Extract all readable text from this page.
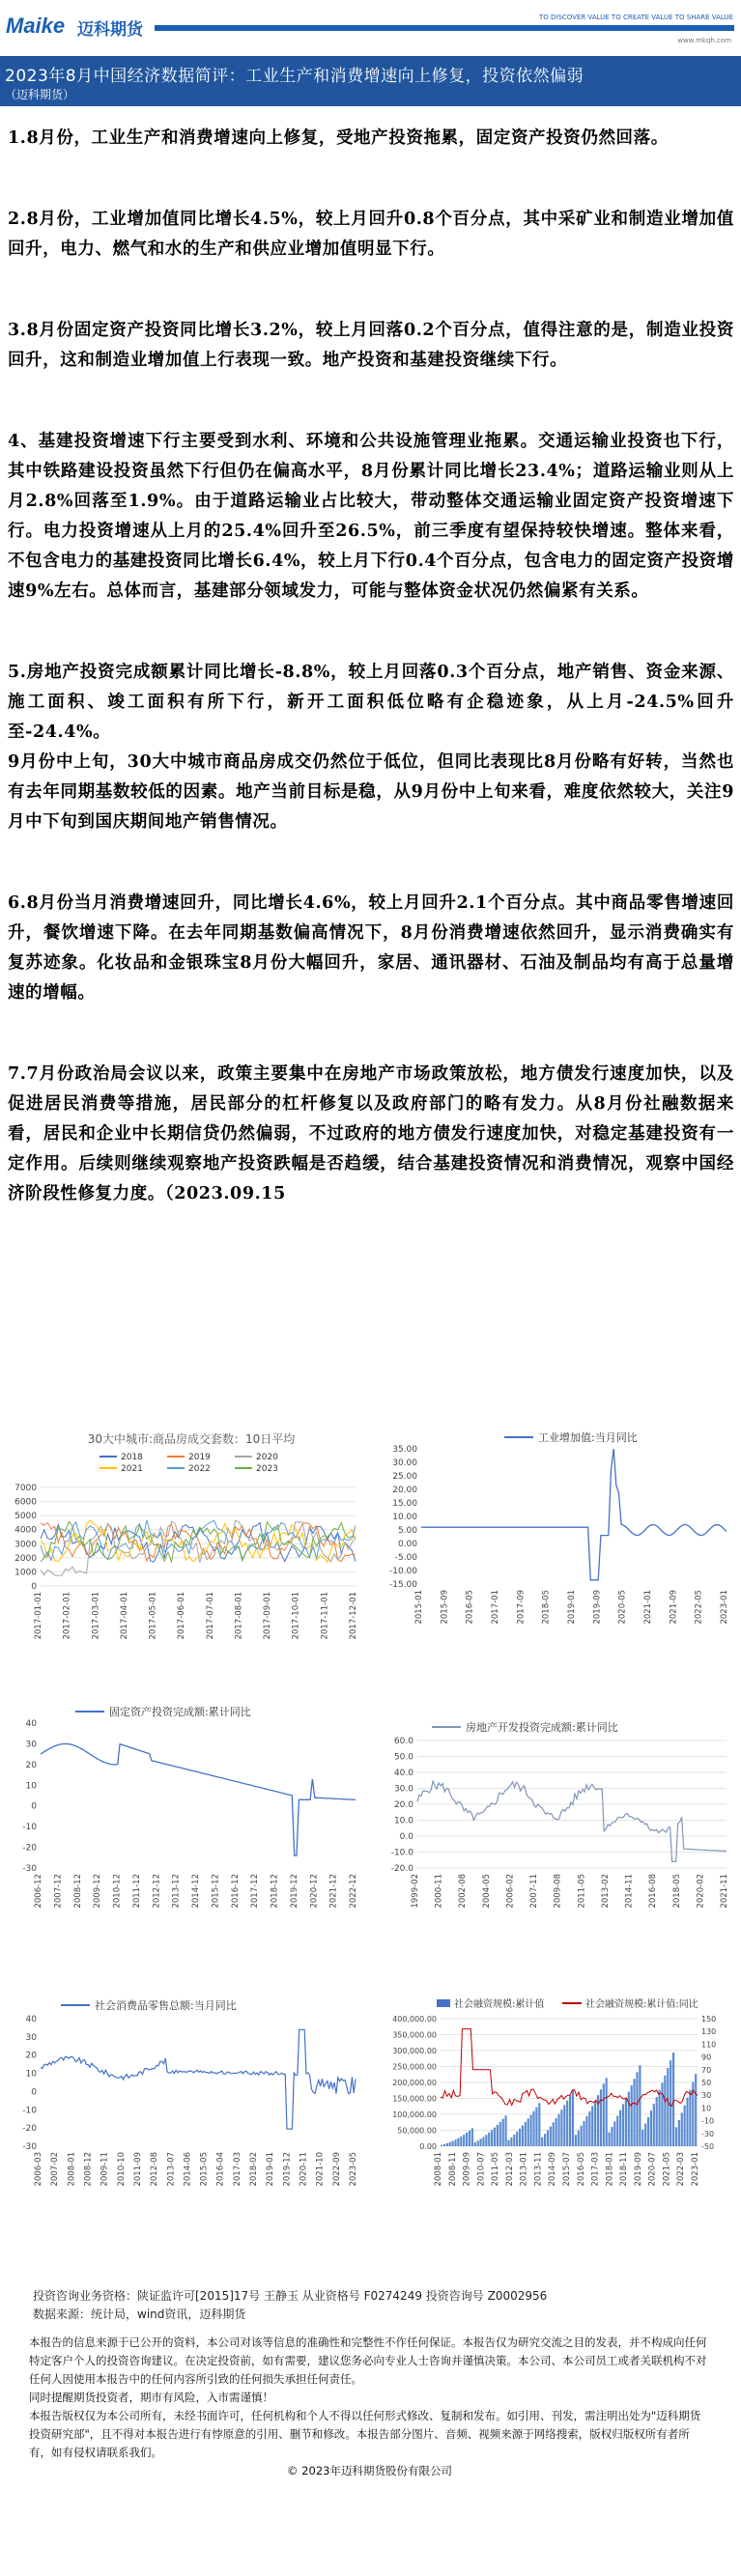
Maike 迈科期货
TO DISCOVER VALUE TO CREATE VALUE TO SHARE VALUE
www.mkqh.com
2023年8月中国经济数据简评：工业生产和消费增速向上修复，投资依然偏弱
（迈科期货）
1.8月份，工业生产和消费增速向上修复，受地产投资拖累，固定资产投资仍然回落。
2.8月份，工业增加值同比增长4.5%，较上月回升0.8个百分点，其中采矿业和制造业增加值回升，电力、燃气和水的生产和供应业增加值明显下行。
3.8月份固定资产投资同比增长3.2%，较上月回落0.2个百分点，值得注意的是，制造业投资回升，这和制造业增加值上行表现一致。地产投资和基建投资继续下行。
4、基建投资增速下行主要受到水利、环境和公共设施管理业拖累。交通运输业投资也下行，其中铁路建设投资虽然下行但仍在偏高水平，8月份累计同比增长23.4%；道路运输业则从上月2.8%回落至1.9%。由于道路运输业占比较大，带动整体交通运输业固定资产投资增速下行。电力投资增速从上月的25.4%回升至26.5%，前三季度有望保持较快增速。整体来看，不包含电力的基建投资同比增长6.4%，较上月下行0.4个百分点，包含电力的固定资产投资增速9%左右。总体而言，基建部分领域发力，可能与整体资金状况仍然偏紧有关系。
5.房地产投资完成额累计同比增长-8.8%，较上月回落0.3个百分点，地产销售、资金来源、施工面积、竣工面积有所下行，新开工面积低位略有企稳迹象，从上月-24.5%回升至-24.4%。
9月份中上旬，30大中城市商品房成交仍然位于低位，但同比表现比8月份略有好转，当然也有去年同期基数较低的因素。地产当前目标是稳，从9月份中上旬来看，难度依然较大，关注9月中下旬到国庆期间地产销售情况。
6.8月份当月消费增速回升，同比增长4.6%，较上月回升2.1个百分点。其中商品零售增速回升，餐饮增速下降。在去年同期基数偏高情况下，8月份消费增速依然回升，显示消费确实有复苏迹象。化妆品和金银珠宝8月份大幅回升，家居、通讯器材、石油及制品均有高于总量增速的增幅。
7.7月份政治局会议以来，政策主要集中在房地产市场政策放松，地方债发行速度加快，以及促进居民消费等措施，居民部分的杠杆修复以及政府部门的略有发力。从8月份社融数据来看，居民和企业中长期信贷仍然偏弱，不过政府的地方债发行速度加快，对稳定基建投资有一定作用。后续则继续观察地产投资跌幅是否趋缓，结合基建投资情况和消费情况，观察中国经济阶段性修复力度。（2023.09.15
30大中城市:商品房成交套数：10日平均
2018	2019	2020
2021	2022	2023
7000
6000
5000
4000
3000
2000
1000
0
2017-01-01 2017-02-01 2017-03-01 2017-04-01 2017-05-01 2017-06-01 2017-07-01 2017-08-01 2017-09-01 2017-10-01 2017-11-01 2017-12-01
工业增加值:当月同比
35.00
30.00
25.00
20.00
15.00
10.00
5.00
0.00
-5.00
-10.00
-15.00
2015-01 2015-09 2016-05 2017-01 2017-09 2018-05 2019-01 2019-09 2020-05 2021-01 2021-09 2022-05 2023-01
固定资产投资完成额:累计同比
40
30
20
10
0
-10
-20
-30
2006-12 2007-12 2008-12 2009-12 2010-12 2011-12 2012-12 2013-12 2014-12 2015-12 2016-12 2017-12 2018-12 2019-12 2020-12 2021-12 2022-12
房地产开发投资完成额:累计同比
60.0
50.0
40.0
30.0
20.0
10.0
0.0
-10.0
-20.0
1999-02 2000-11 2002-08 2004-05 2006-02 2007-11 2009-08 2011-05 2013-02 2014-11 2016-08 2018-05 2020-02 2021-11
社会消费品零售总额:当月同比
40
30
20
10
0
-10
-20
-30
2006-03 2007-02 2008-01 2008-12 2009-11 2010-10 2011-09 2012-08 2013-07 2014-06 2015-05 2016-04 2017-03 2018-02 2019-01 2019-12 2020-11 2021-10 2022-09 2023-05
社会融资规模:累计值	社会融资规模:累计值:同比
400,000.00
350,000.00
300,000.00
250,000.00
200,000.00
150,000.00
100,000.00
50,000.00
0.00
150
130
110
90
70
50
30
10
-10
-30
-50
2008-01 2008-11 2009-09 2010-07 2011-05 2012-03 2013-01 2013-11 2014-09 2015-07 2016-05 2017-03 2018-01 2018-11 2019-09 2020-07 2021-05 2022-03 2023-01
投资咨询业务资格：陕证监许可[2015]17号 王静玉 从业资格号 F0274249 投资咨询号 Z0002956
数据来源：统计局，wind资讯，迈科期货
本报告的信息来源于已公开的资料，本公司对该等信息的准确性和完整性不作任何保证。本报告仅为研究交流之目的发表，并不构成向任何特定客户个人的投资咨询建议。在决定投资前，如有需要，建议您务必向专业人士咨询并谨慎决策。本公司、本公司员工或者关联机构不对任何人因使用本报告中的任何内容所引致的任何损失承担任何责任。
同时提醒期货投资者，期市有风险，入市需谨慎！
本报告版权仅为本公司所有，未经书面许可，任何机构和个人不得以任何形式修改、复制和发布。如引用、刊发，需注明出处为"迈科期货投资研究部"，且不得对本报告进行有悖原意的引用、删节和修改。本报告部分图片、音频、视频来源于网络搜索，版权归版权所有者所有，如有侵权请联系我们。
© 2023年迈科期货股份有限公司
